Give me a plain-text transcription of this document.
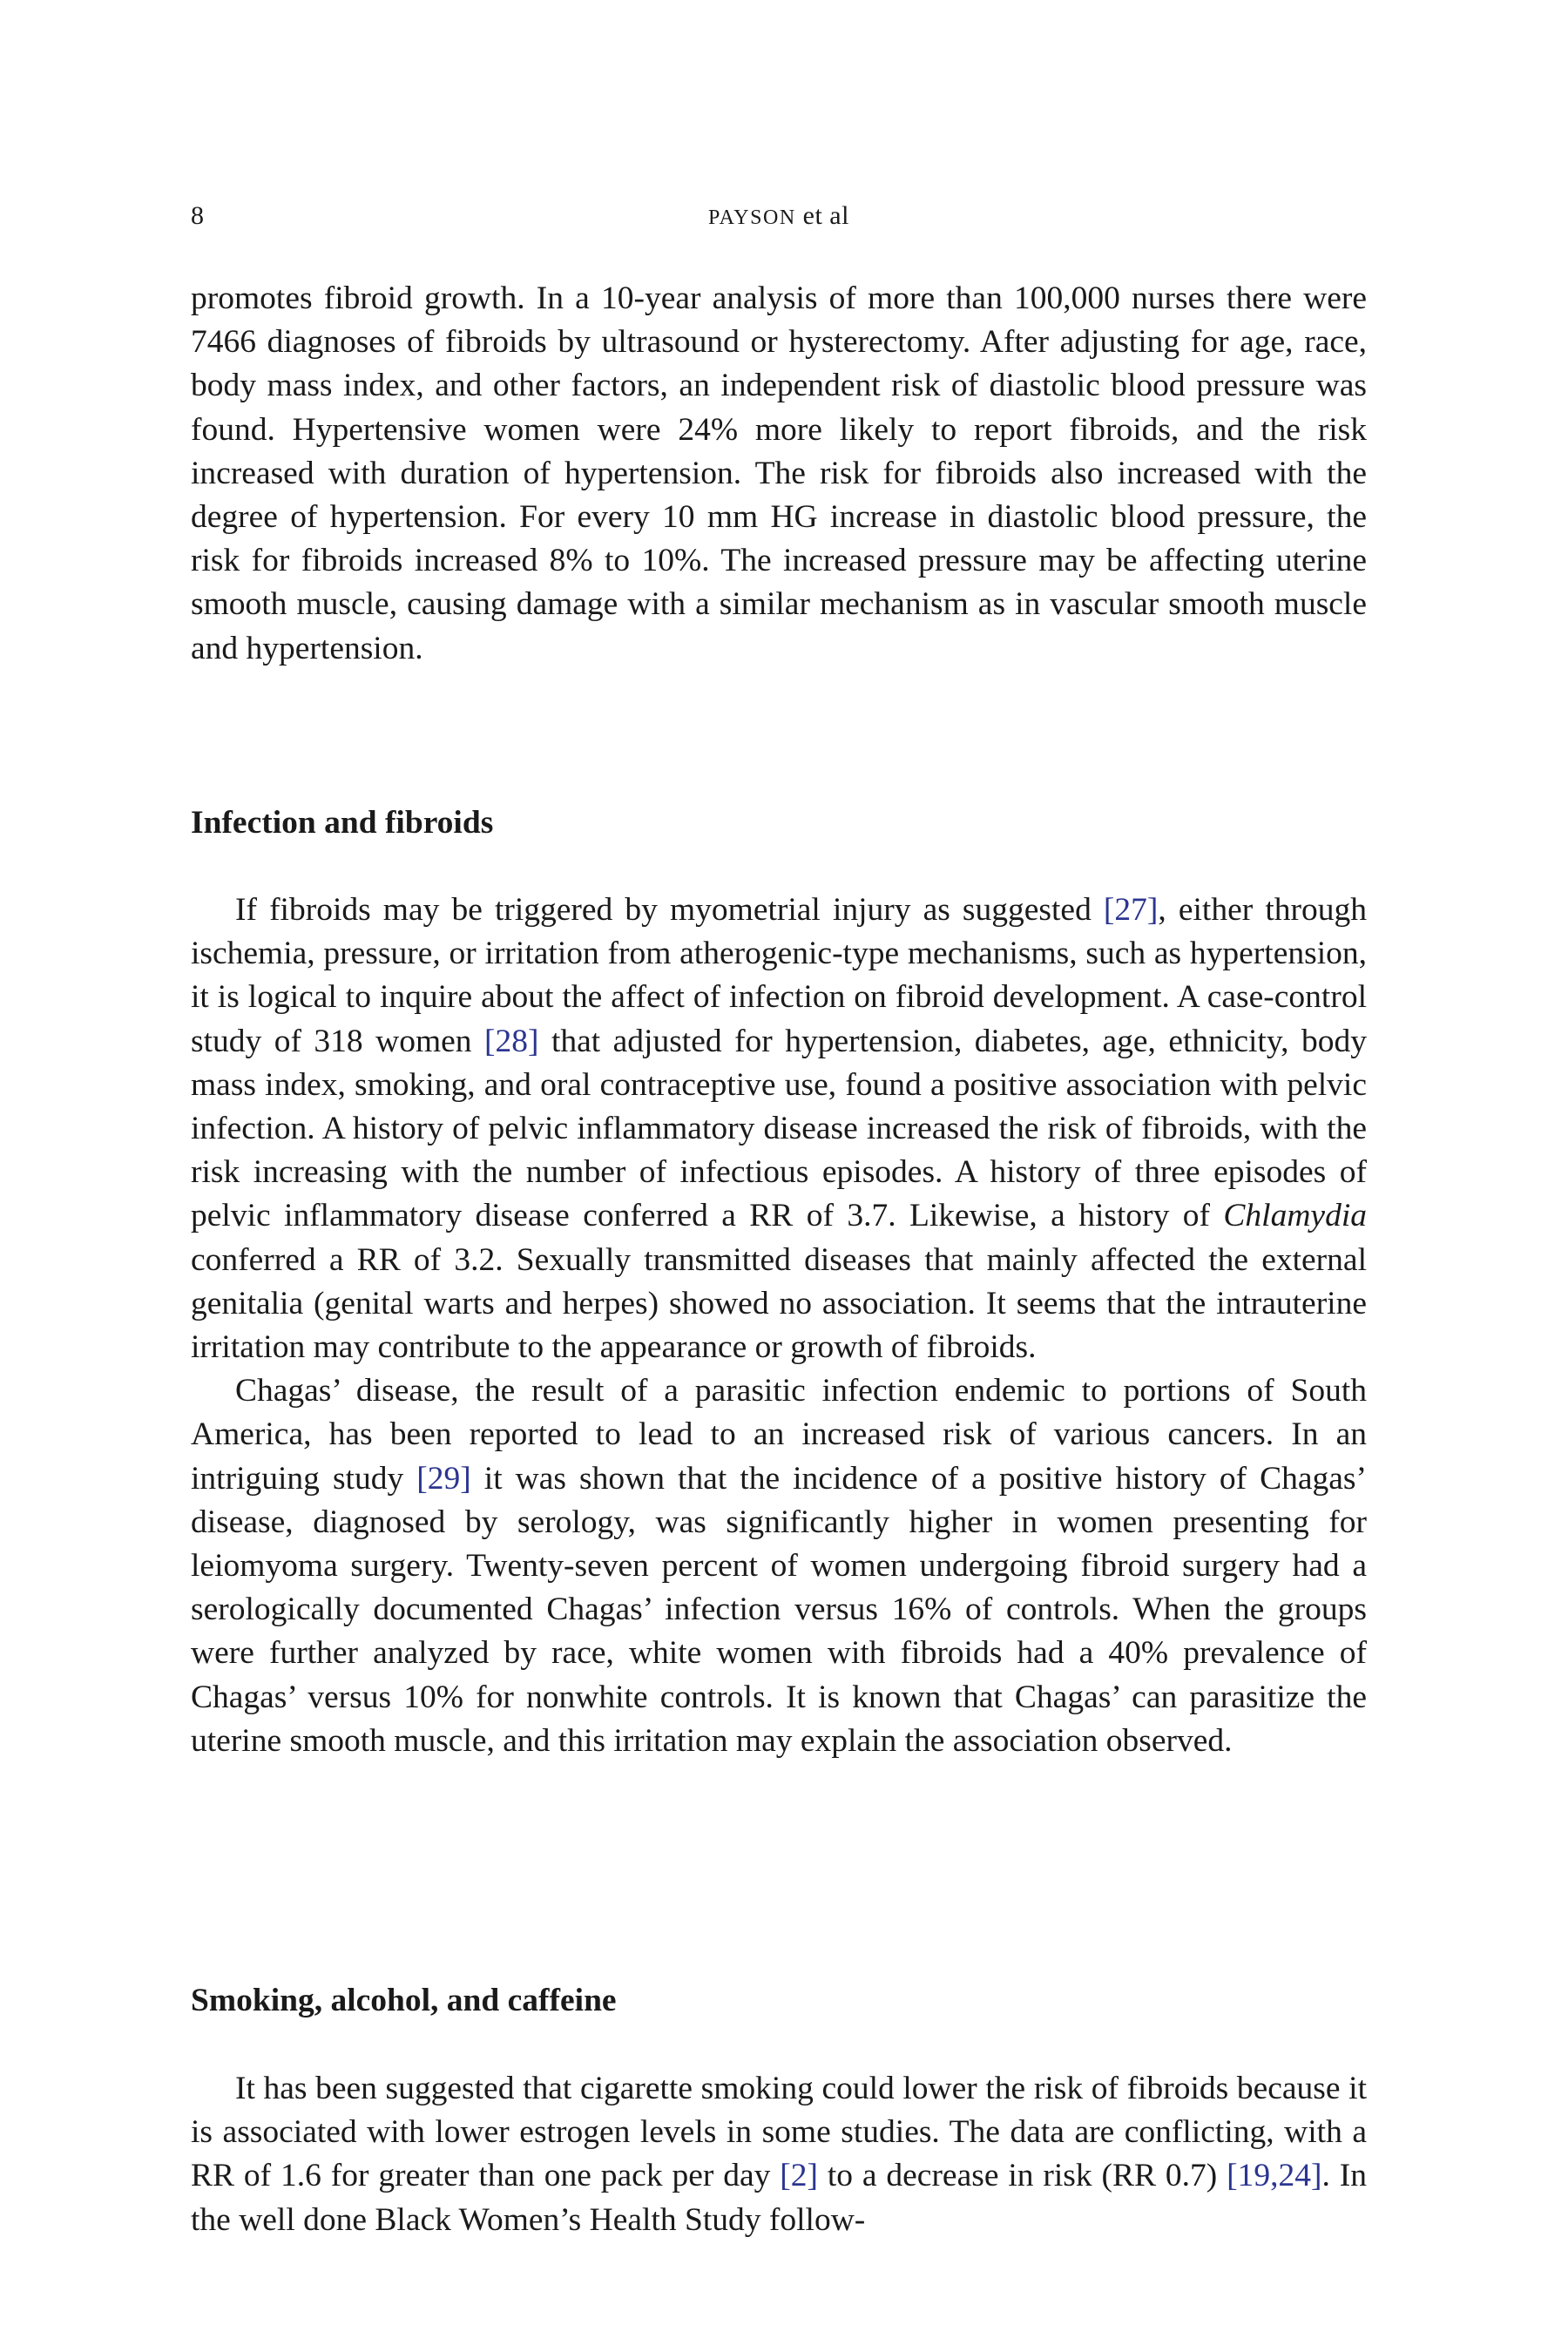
8	PAYSON et al

promotes fibroid growth. In a 10-year analysis of more than 100,000 nurses there were 7466 diagnoses of fibroids by ultrasound or hysterectomy. After adjusting for age, race, body mass index, and other factors, an independent risk of diastolic blood pressure was found. Hypertensive women were 24% more likely to report fibroids, and the risk increased with duration of hypertension. The risk for fibroids also increased with the degree of hypertension. For every 10 mm HG increase in diastolic blood pressure, the risk for fibroids increased 8% to 10%. The increased pressure may be affecting uterine smooth muscle, causing damage with a similar mechanism as in vascular smooth muscle and hypertension.

Infection and fibroids

If fibroids may be triggered by myometrial injury as suggested [27], either through ischemia, pressure, or irritation from atherogenic-type mechanisms, such as hypertension, it is logical to inquire about the affect of infection on fibroid development. A case-control study of 318 women [28] that adjusted for hypertension, diabetes, age, ethnicity, body mass index, smoking, and oral contraceptive use, found a positive association with pelvic infection. A history of pelvic inflammatory disease increased the risk of fibroids, with the risk increasing with the number of infectious episodes. A history of three episodes of pelvic inflammatory disease conferred a RR of 3.7. Likewise, a history of Chlamydia conferred a RR of 3.2. Sexually transmitted diseases that mainly affected the external genitalia (genital warts and herpes) showed no association. It seems that the intrauterine irritation may contribute to the appearance or growth of fibroids.

Chagas’ disease, the result of a parasitic infection endemic to portions of South America, has been reported to lead to an increased risk of various cancers. In an intriguing study [29] it was shown that the incidence of a positive history of Chagas’ disease, diagnosed by serology, was significantly higher in women presenting for leiomyoma surgery. Twenty-seven percent of women undergoing fibroid surgery had a serologically documented Chagas’ infection versus 16% of controls. When the groups were further analyzed by race, white women with fibroids had a 40% prevalence of Chagas’ versus 10% for nonwhite controls. It is known that Chagas’ can parasitize the uterine smooth muscle, and this irritation may explain the association observed.

Smoking, alcohol, and caffeine

It has been suggested that cigarette smoking could lower the risk of fibroids because it is associated with lower estrogen levels in some studies. The data are conflicting, with a RR of 1.6 for greater than one pack per day [2] to a decrease in risk (RR 0.7) [19,24]. In the well done Black Women’s Health Study follow-
